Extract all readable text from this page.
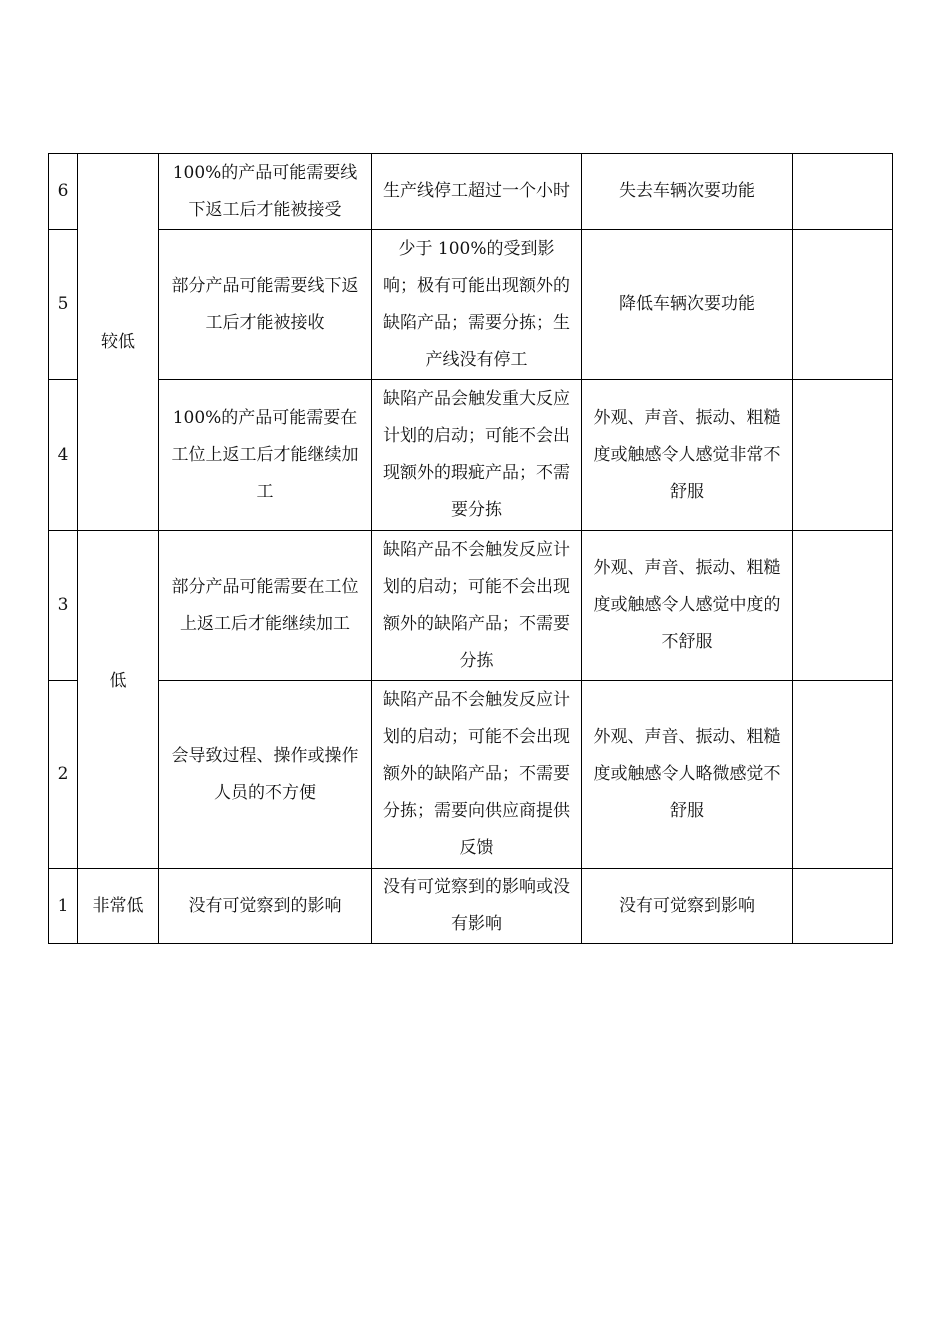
6	较低	100%的产品可能需要线下返工后才能被接受	生产线停工超过一个小时	失去车辆次要功能	
5		部分产品可能需要线下返工后才能被接收	少于 100%的受到影响；极有可能出现额外的缺陷产品；需要分拣；生产线没有停工	降低车辆次要功能	
4		100%的产品可能需要在工位上返工后才能继续加工	缺陷产品会触发重大反应计划的启动；可能不会出现额外的瑕疵产品；不需要分拣	外观、声音、振动、粗糙度或触感令人感觉非常不舒服	
3	低	部分产品可能需要在工位上返工后才能继续加工	缺陷产品不会触发反应计划的启动；可能不会出现额外的缺陷产品；不需要分拣	外观、声音、振动、粗糙度或触感令人感觉中度的不舒服	
2		会导致过程、操作或操作人员的不方便	缺陷产品不会触发反应计划的启动；可能不会出现额外的缺陷产品；不需要分拣；需要向供应商提供反馈	外观、声音、振动、粗糙度或触感令人略微感觉不舒服	
1	非常低	没有可觉察到的影响	没有可觉察到的影响或没有影响	没有可觉察到影响	
